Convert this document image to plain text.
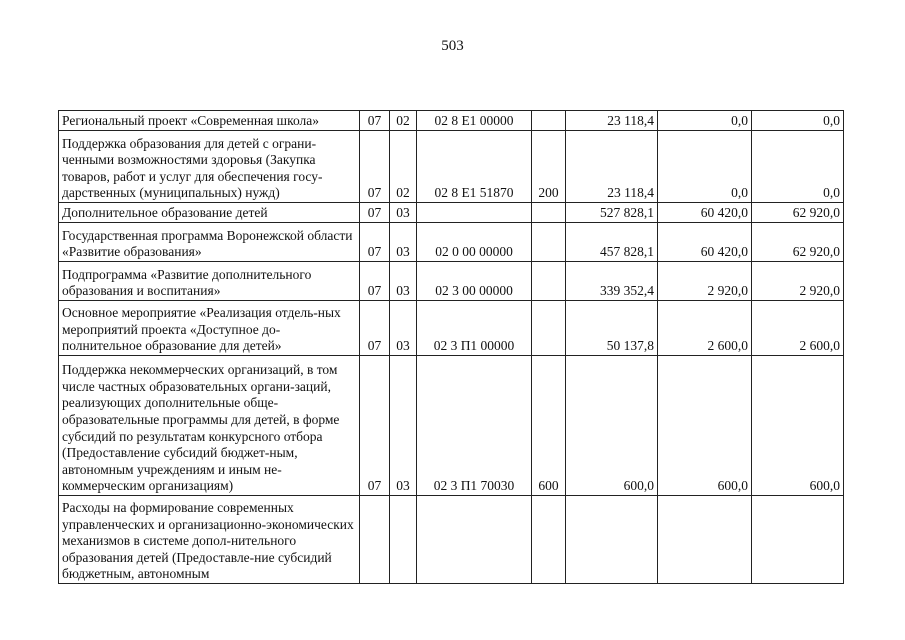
503
Региональный проект «Современная школа»	07	02	02 8 E1 00000		23 118,4	0,0	0,0
Поддержка образования для детей с ограни-ченными возможностями здоровья (Закупка товаров, работ и услуг для обеспечения госу-дарственных (муниципальных) нужд)	07	02	02 8 E1 51870	200	23 118,4	0,0	0,0
Дополнительное образование детей	07	03			527 828,1	60 420,0	62 920,0
Государственная программа Воронежской области «Развитие образования»	07	03	02 0 00 00000		457 828,1	60 420,0	62 920,0
Подпрограмма «Развитие дополнительного образования и воспитания»	07	03	02 3 00 00000		339 352,4	2 920,0	2 920,0
Основное мероприятие «Реализация отдель-ных мероприятий проекта «Доступное до-полнительное образование для детей»	07	03	02 3 П1 00000		50 137,8	2 600,0	2 600,0
Поддержка некоммерческих организаций, в том числе частных образовательных органи-заций, реализующих дополнительные обще-образовательные программы для детей, в форме субсидий по результатам конкурсного отбора (Предоставление субсидий бюджет-ным, автономным учреждениям и иным не-коммерческим организациям)	07	03	02 3 П1 70030	600	600,0	600,0	600,0
Расходы на формирование современных управленческих и организационно-экономических механизмов в системе допол-нительного образования детей (Предоставле-ние субсидий бюджетным, автономным							
